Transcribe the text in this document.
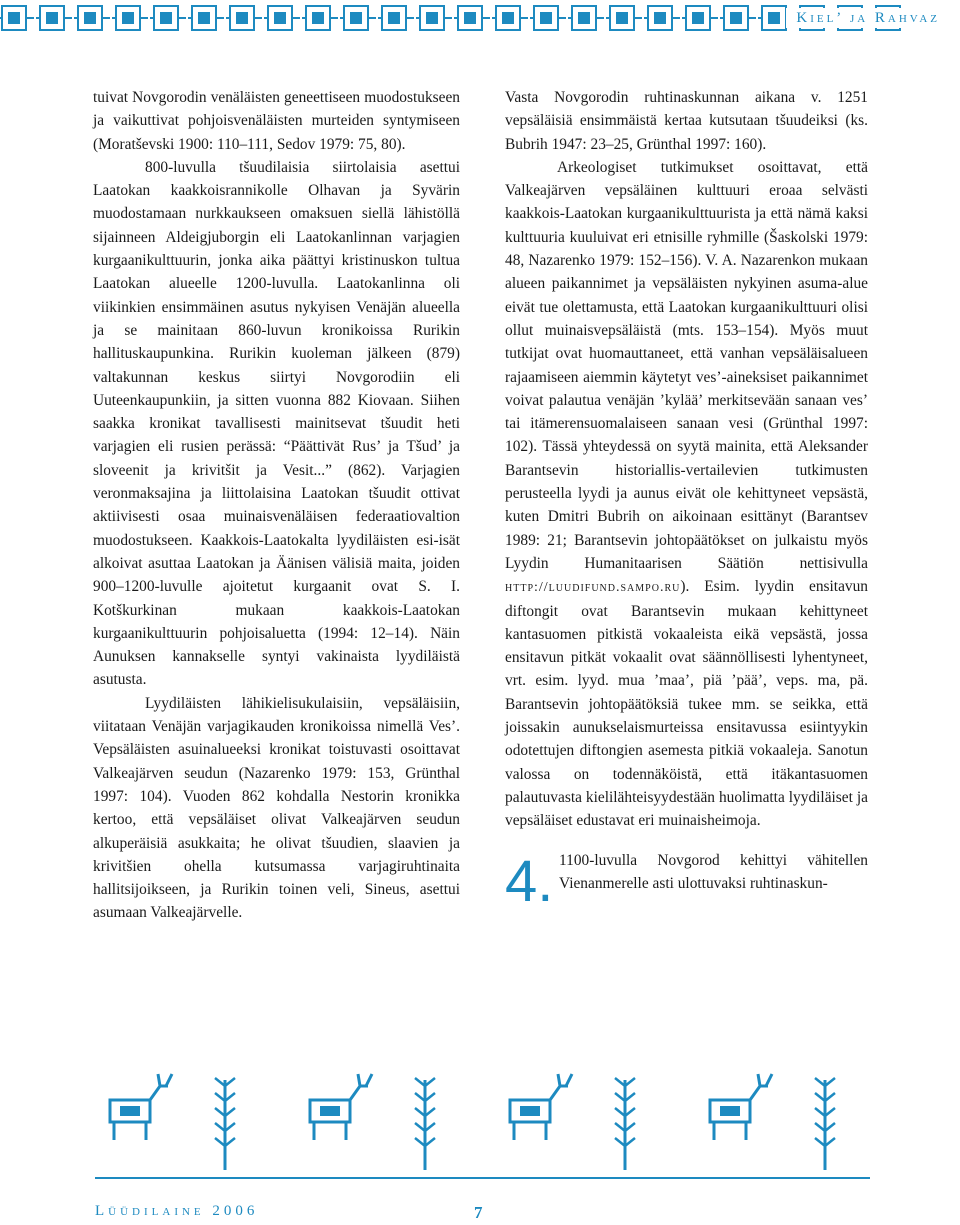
Kiel’ ja Rahvaz

tuivat Novgorodin venäläisten geneettiseen muodostukseen ja vaikuttivat pohjoisvenäläisten murteiden syntymiseen (Moratševski 1900: 110–111, Sedov 1979: 75, 80).

800-luvulla tšuudilaisia siirtolaisia asettui Laatokan kaakkoisrannikolle Olhavan ja Syvärin muodostamaan nurkkaukseen omaksuen siellä lähistöllä sijainneen Aldeigjuborgin eli Laatokanlinnan varjagien kurgaanikulttuurin, jonka aika päättyi kristinuskon tultua Laatokan alueelle 1200-luvulla. Laatokanlinna oli viikinkien ensimmäinen asutus nykyisen Venäjän alueella ja se mainitaan 860-luvun kronikoissa Rurikin hallituskaupunkina. Rurikin kuoleman jälkeen (879) valtakunnan keskus siirtyi Novgorodiin eli Uuteenkaupunkiin, ja sitten vuonna 882 Kiovaan. Siihen saakka kronikat tavallisesti mainitsevat tšuudit heti varjagien eli rusien perässä: “Päättivät Rus’ ja Tšud’ ja sloveenit ja krivitšit ja Vesit...” (862). Varjagien veronmaksajina ja liittolaisina Laatokan tšuudit ottivat aktiivisesti osaa muinaisvenäläisen federaatiovaltion muodostukseen. Kaakkois-Laatokalta lyydiläisten esi-isät alkoivat asuttaa Laatokan ja Äänisen välisiä maita, joiden 900–1200-luvulle ajoitetut kurgaanit ovat S. I. Kotškurkinan mukaan kaakkois-Laatokan kurgaanikulttuurin pohjoisaluetta (1994: 12–14). Näin Aunuksen kannakselle syntyi vakinaista lyydiläistä asutusta.

Lyydiläisten lähikielisukulaisiin, vepsäläisiin, viitataan Venäjän varjagikauden kronikoissa nimellä Ves’. Vepsäläisten asuinalueeksi kronikat toistuvasti osoittavat Valkeajärven seudun (Nazarenko 1979: 153, Grünthal 1997: 104). Vuoden 862 kohdalla Nestorin kronikka kertoo, että vepsäläiset olivat Valkeajärven seudun alkuperäisiä asukkaita; he olivat tšuudien, slaavien ja krivitšien ohella kutsumassa varjagiruhtinaita hallitsijoikseen, ja Rurikin toinen veli, Sineus, asettui asumaan Valkeajärvelle.

Vasta Novgorodin ruhtinaskunnan aikana v. 1251 vepsäläisiä ensimmäistä kertaa kutsutaan tšuudeiksi (ks. Bubrih 1947: 23–25, Grünthal 1997: 160).

Arkeologiset tutkimukset osoittavat, että Valkeajärven vepsäläinen kulttuuri eroaa selvästi kaakkois-Laatokan kurgaanikulttuurista ja että nämä kaksi kulttuuria kuuluivat eri etnisille ryhmille (Šaskolski 1979: 48, Nazarenko 1979: 152–156). V. A. Nazarenkon mukaan alueen paikannimet ja vepsäläisten nykyinen asuma-alue eivät tue olettamusta, että Laatokan kurgaanikulttuuri olisi ollut muinaisvepsäläistä (mts. 153–154). Myös muut tutkijat ovat huomauttaneet, että vanhan vepsäläisalueen rajaamiseen aiemmin käytetyt ves’-aineksiset paikannimet voivat palautua venäjän ’kylää’ merkitsevään sanaan ves’ tai itämerensuomalaiseen sanaan vesi (Grünthal 1997: 102). Tässä yhteydessä on syytä mainita, että Aleksander Barantsevin historiallis-vertailevien tutkimusten perusteella lyydi ja aunus eivät ole kehittyneet vepsästä, kuten Dmitri Bubrih on aikoinaan esittänyt (Barantsev 1989: 21; Barantsevin johtopäätökset on julkaistu myös Lyydin Humanitaarisen Säätiön nettisivulla http://luudifund.sampo.ru). Esim. lyydin ensitavun diftongit ovat Barantsevin mukaan kehittyneet kantasuomen pitkistä vokaaleista eikä vepsästä, jossa ensitavun pitkät vokaalit ovat säännöllisesti lyhentyneet, vrt. esim. lyyd. mua ’maa’, piä ’pää’, veps. ma, pä. Barantsevin johtopäätöksiä tukee mm. se seikka, että joissakin aunukselaismurteissa ensitavussa esiintyykin odotettujen diftongien asemesta pitkiä vokaaleja. Sanotun valossa on todennäköistä, että itäkantasuomen palautuvasta kielilähteisyydestään huolimatta lyydiläiset ja vepsäläiset edustavat eri muinaisheimoja.

4. 1100-luvulla Novgorod kehittyi vähitellen Vienanmerelle asti ulottuvaksi ruhtinaskun-

Lüüdilaine 2006	7
